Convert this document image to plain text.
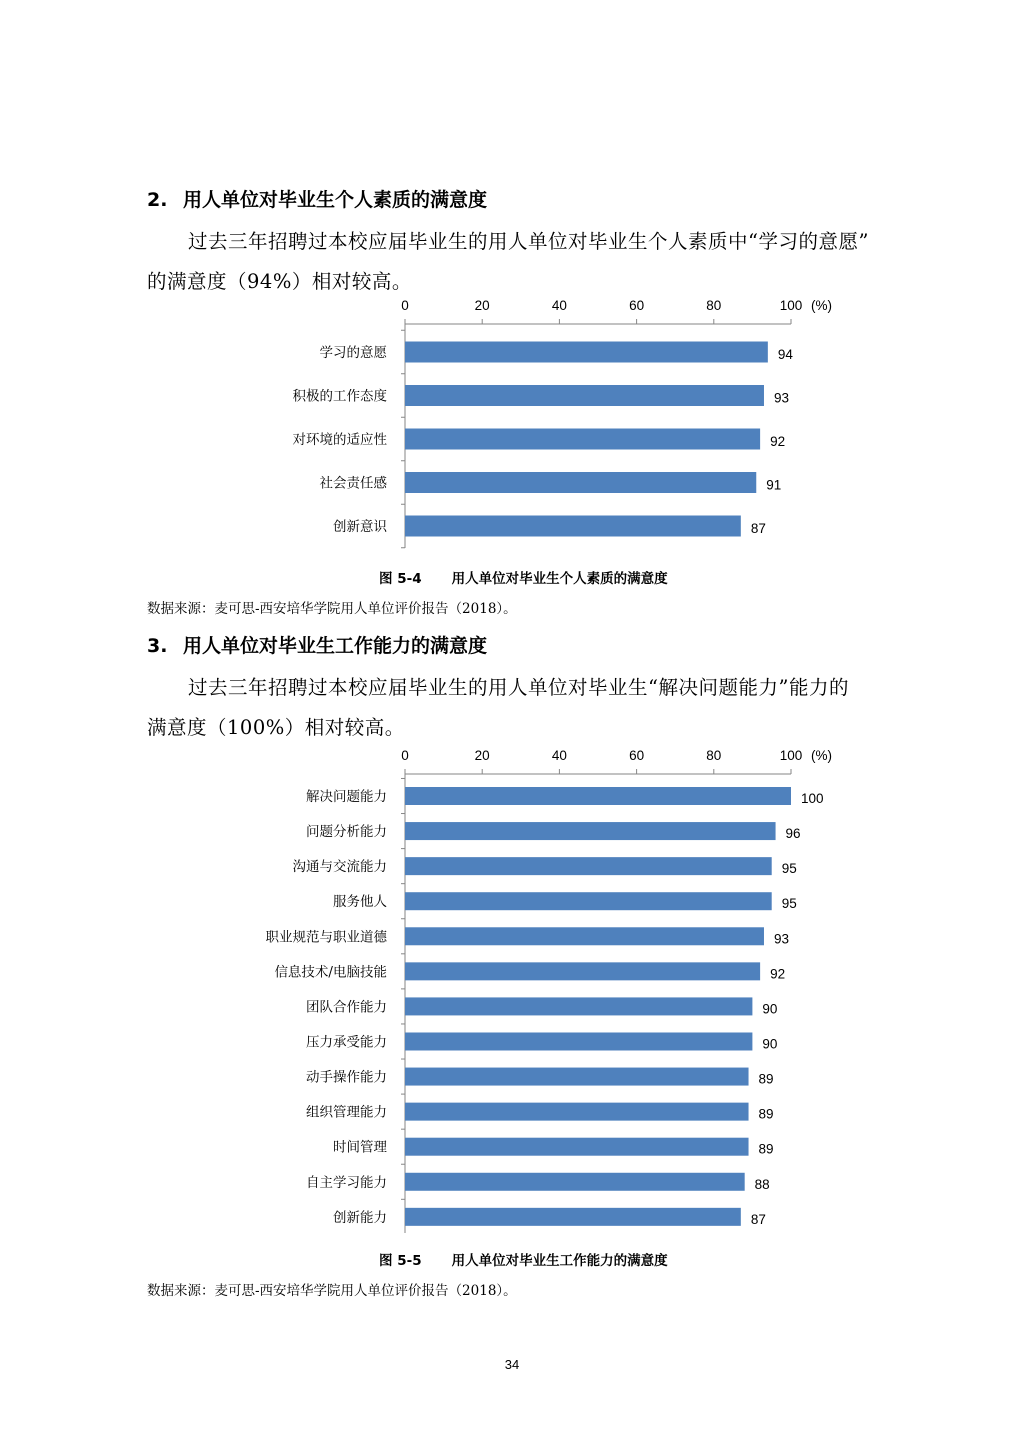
2. 用人单位对毕业生个人素质的满意度
过去三年招聘过本校应届毕业生的用人单位对毕业生个人素质中“学习的意愿”
的满意度（94%）相对较高。
0	20	40	60	80	100 (%)
学习的意愿	94
积极的工作态度	93
对环境的适应性	92
社会责任感	91
创新意识	87
图 5-4 用人单位对毕业生个人素质的满意度
数据来源：麦可思-西安培华学院用人单位评价报告（2018）。
3. 用人单位对毕业生工作能力的满意度
过去三年招聘过本校应届毕业生的用人单位对毕业生“解决问题能力”能力的
满意度（100%）相对较高。
0	20	40	60	80	100 (%)
解决问题能力	100
问题分析能力	96
沟通与交流能力	95
服务他人	95
职业规范与职业道德	93
信息技术/电脑技能	92
团队合作能力	90
压力承受能力	90
动手操作能力	89
组织管理能力	89
时间管理	89
自主学习能力	88
创新能力	87
图 5-5 用人单位对毕业生工作能力的满意度
数据来源：麦可思-西安培华学院用人单位评价报告（2018）。
34
